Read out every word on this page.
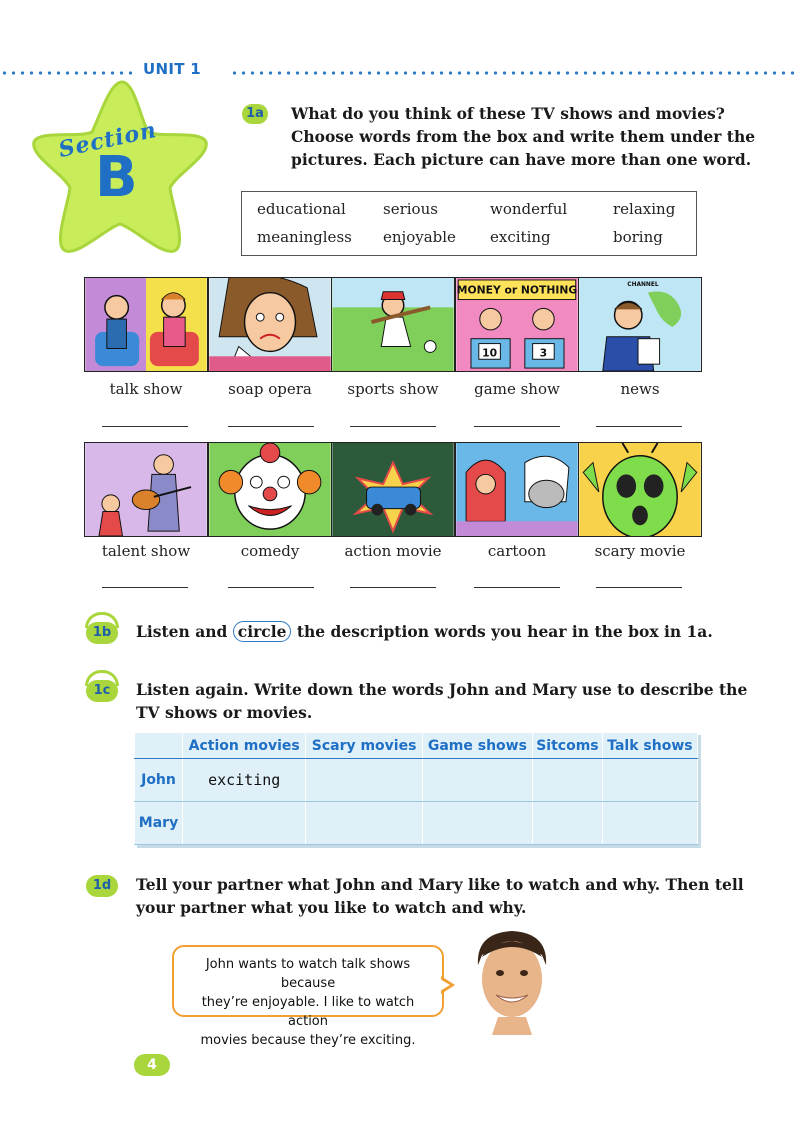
UNIT 1
Section
B
1a What do you think of these TV shows and movies?
Choose words from the box and write them under the
pictures. Each picture can have more than one word.
educational serious	wonderful	relaxing
meaningless enjoyable exciting	boring
MONEY or NOTHING
10	3
CHANNEL
talk show	soap opera	sports show	game show	news
talent show	comedy	action movie	cartoon	scary movie
1b	Listen and circle the description words you hear in the box in 1a.
1c	Listen again. Write down the words John and Mary use to describe the
TV shows or movies.
	Action movies	Scary movies	Game shows	Sitcoms	Talk shows
John	exciting				
Mary					
1d	Tell your partner what John and Mary like to watch and why. Then tell
your partner what you like to watch and why.
John wants to watch talk shows because
they’re enjoyable. I like to watch action
movies because they’re exciting.
4
